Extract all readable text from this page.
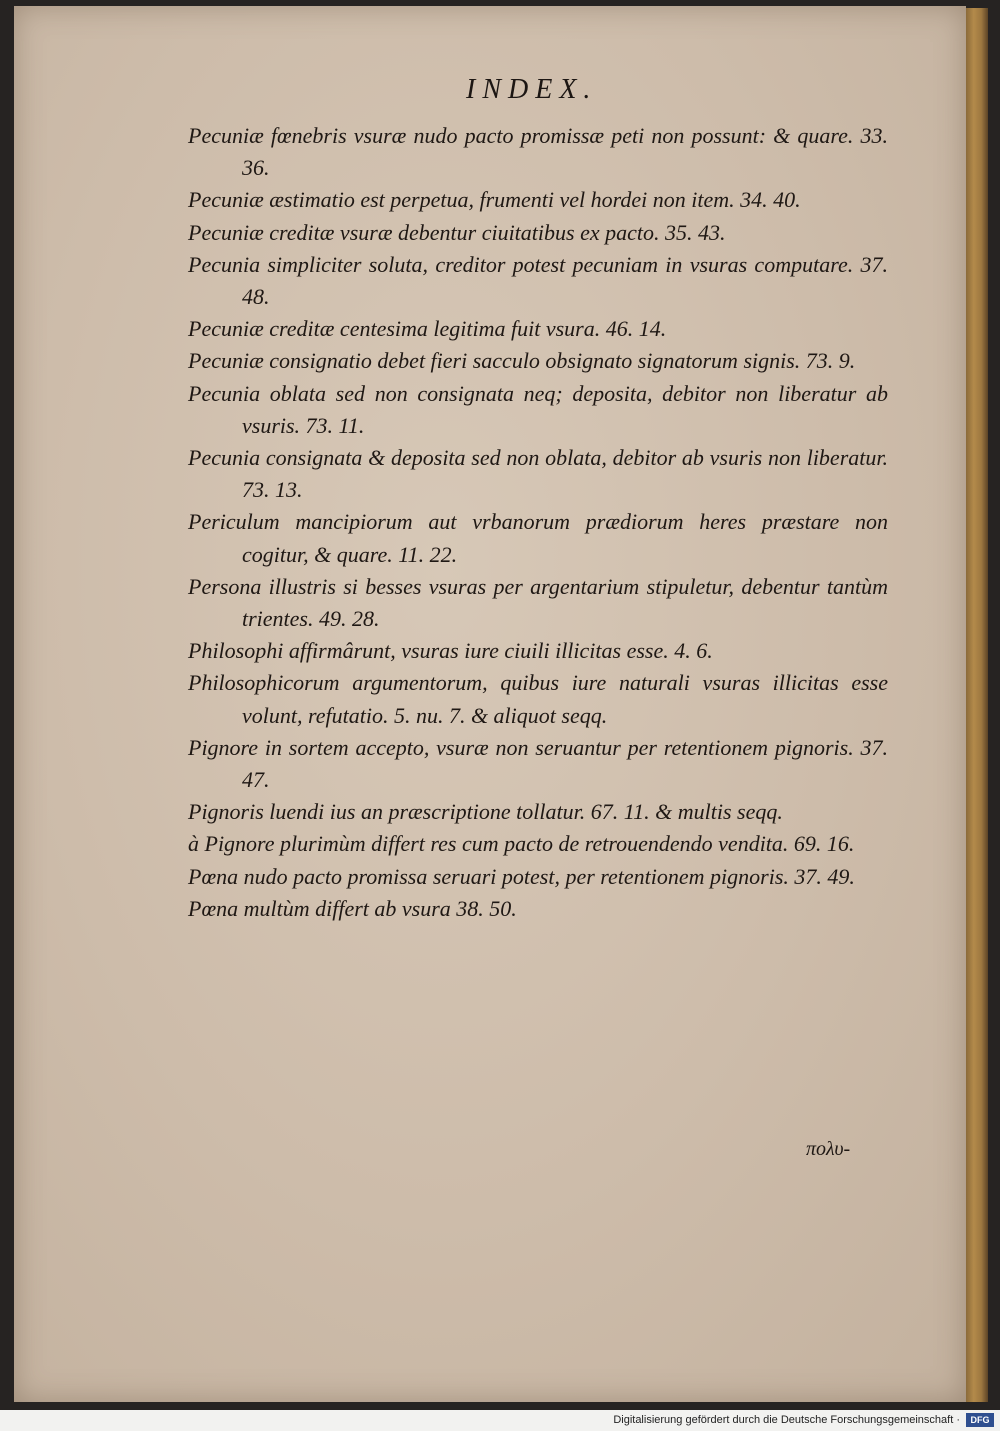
INDEX.

Pecuniæ fœnebris vsuræ nudo pacto promissæ peti non possunt: & quare. 33. 36.

Pecuniæ æstimatio est perpetua, frumenti vel hordei non item. 34. 40.

Pecuniæ creditæ vsuræ debentur ciuitatibus ex pacto. 35. 43.

Pecunia simpliciter soluta, creditor potest pecuniam in vsuras computare. 37. 48.

Pecuniæ creditæ centesima legitima fuit vsura. 46. 14.

Pecuniæ consignatio debet fieri sacculo obsignato signatorum signis. 73. 9.

Pecunia oblata sed non consignata neq; deposita, debitor non liberatur ab vsuris. 73. 11.

Pecunia consignata & deposita sed non oblata, debitor ab vsuris non liberatur. 73. 13.

Periculum mancipiorum aut vrbanorum prædiorum heres præstare non cogitur, & quare. 11. 22.

Persona illustris si besses vsuras per argentarium stipuletur, debentur tantùm trientes. 49. 28.

Philosophi affirmârunt, vsuras iure ciuili illicitas esse. 4. 6.

Philosophicorum argumentorum, quibus iure naturali vsuras illicitas esse volunt, refutatio. 5. nu. 7. & aliquot seqq.

Pignore in sortem accepto, vsuræ non seruantur per retentionem pignoris. 37. 47.

Pignoris luendi ius an præscriptione tollatur. 67. 11. & multis seqq.

à Pignore plurimùm differt res cum pacto de retrouendendo vendita. 69. 16.

Pœna nudo pacto promissa seruari potest, per retentionem pignoris. 37. 49.

Pœna multùm differt ab vsura 38. 50.

πολυ-
Digitalisierung gefördert durch die Deutsche Forschungsgemeinschaft ·	DFG
